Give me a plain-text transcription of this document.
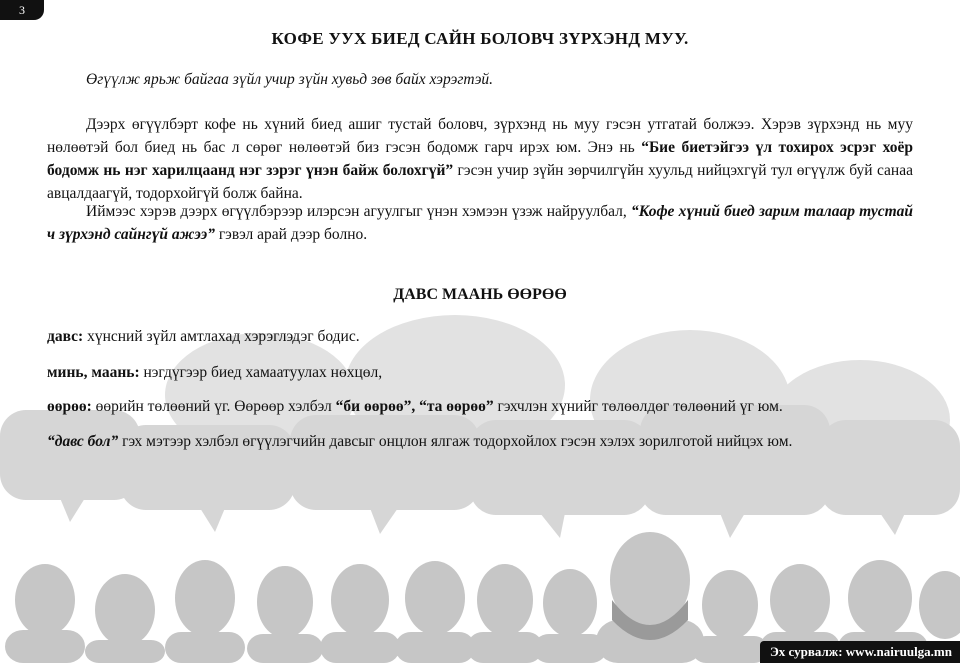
3
КОФЕ УУХ БИЕД САЙН БОЛОВЧ ЗҮРХЭНД МУУ.

Өгүүлж ярьж байгаа зүйл учир зүйн хувьд зөв байх хэрэгтэй.

Дээрх өгүүлбэрт кофе нь хүний биед ашиг тустай боловч, зүрхэнд нь муу гэсэн утгатай болжээ. Хэрэв зүрхэнд нь муу нөлөөтэй бол биед нь бас л сөрөг нөлөөтэй биз гэсэн бодомж гарч ирэх юм. Энэ нь “Бие биетэйгээ үл тохирох эсрэг хоёр бодомж нь нэг харилцаанд нэг зэрэг үнэн байж болохгүй” гэсэн учир зүйн зөрчилгүйн хуульд нийцэхгүй тул өгүүлж буй санаа авцалдаагүй, тодорхойгүй болж байна.

Иймээс хэрэв дээрх өгүүлбэрээр илэрсэн агуулгыг үнэн хэмээн үзэж найруулбал, “Кофе хүний биед зарим талаар тустай ч зүрхэнд сайнгүй ажээ” гэвэл арай дээр болно.

ДАВС МААНЬ ӨӨРӨӨ

давс: хүнсний зүйл амтлахад хэрэглэдэг бодис.

минь, маань: нэгдүгээр биед хамаатуулах нөхцөл,

өөрөө: өөрийн төлөөний үг. Өөрөөр хэлбэл “би өөрөө”, “та өөрөө” гэхчлэн хүнийг төлөөлдөг төлөөний үг юм.

“давс бол” гэх мэтээр хэлбэл өгүүлэгчийн давсыг онцлон ялгаж тодорхойлох гэсэн хэлэх зорилготой нийцэх юм.

Эх сурвалж: www.nairuulga.mn
